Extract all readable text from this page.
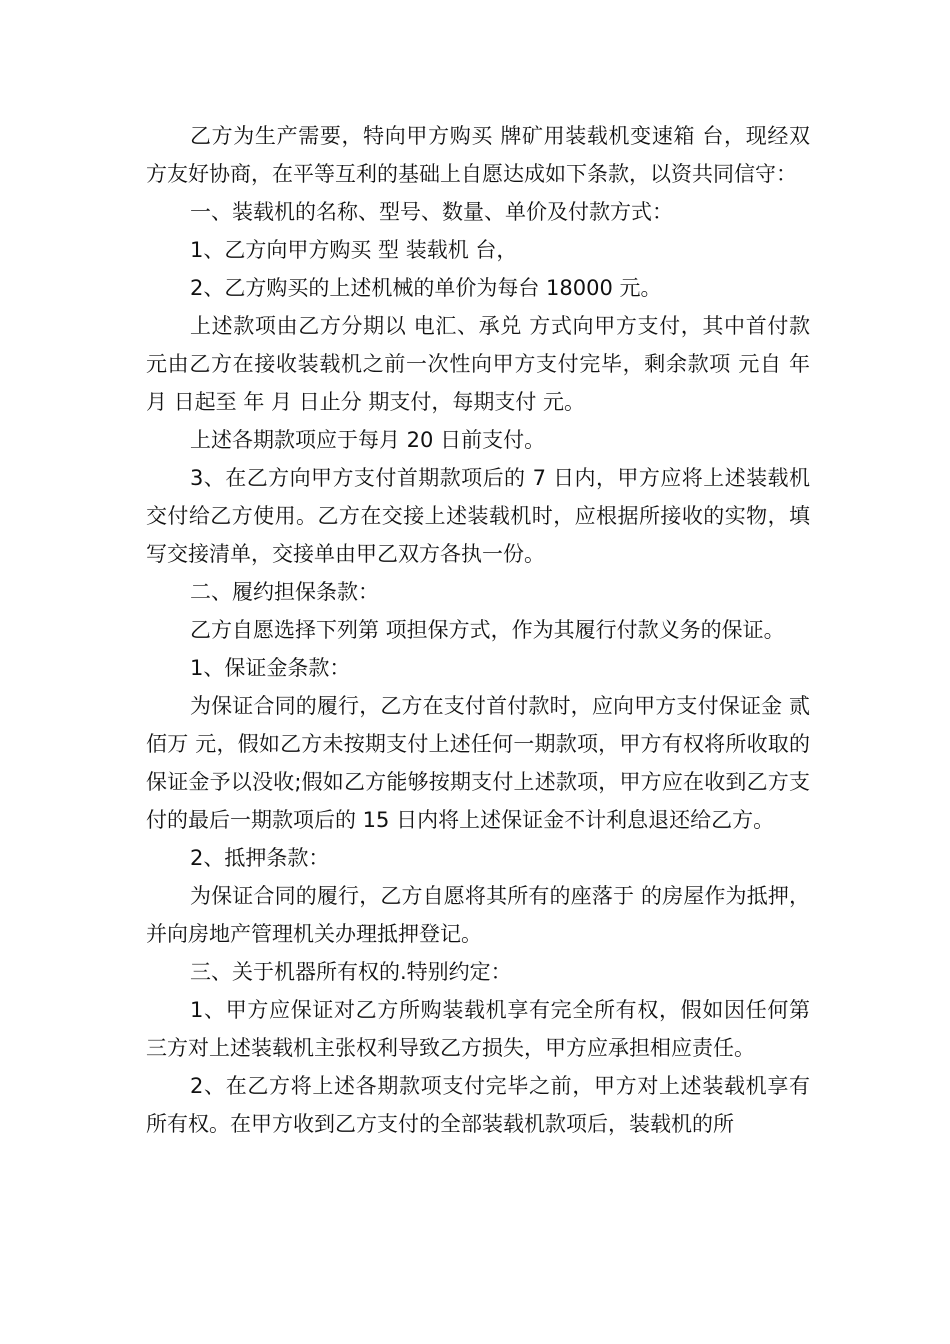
乙方为生产需要，特向甲方购买 牌矿用装载机变速箱 台，现经双方友好协商，在平等互利的基础上自愿达成如下条款，以资共同信守：

一、装载机的名称、型号、数量、单价及付款方式：

1、乙方向甲方购买 型 装载机 台，

2、乙方购买的上述机械的单价为每台 18000 元。

上述款项由乙方分期以 电汇、承兑 方式向甲方支付，其中首付款 元由乙方在接收装载机之前一次性向甲方支付完毕，剩余款项 元自 年 月 日起至 年 月 日止分 期支付，每期支付 元。

上述各期款项应于每月 20 日前支付。

3、在乙方向甲方支付首期款项后的 7 日内，甲方应将上述装载机交付给乙方使用。乙方在交接上述装载机时，应根据所接收的实物，填写交接清单，交接单由甲乙双方各执一份。

二、履约担保条款：

乙方自愿选择下列第 项担保方式，作为其履行付款义务的保证。

1、保证金条款：

为保证合同的履行，乙方在支付首付款时，应向甲方支付保证金 贰佰万 元，假如乙方未按期支付上述任何一期款项，甲方有权将所收取的保证金予以没收;假如乙方能够按期支付上述款项，甲方应在收到乙方支付的最后一期款项后的 15 日内将上述保证金不计利息退还给乙方。

2、抵押条款：

为保证合同的履行，乙方自愿将其所有的座落于 的房屋作为抵押，并向房地产管理机关办理抵押登记。

三、关于机器所有权的.特别约定：

1、甲方应保证对乙方所购装载机享有完全所有权，假如因任何第三方对上述装载机主张权利导致乙方损失，甲方应承担相应责任。

2、在乙方将上述各期款项支付完毕之前，甲方对上述装载机享有所有权。在甲方收到乙方支付的全部装载机款项后，装载机的所
